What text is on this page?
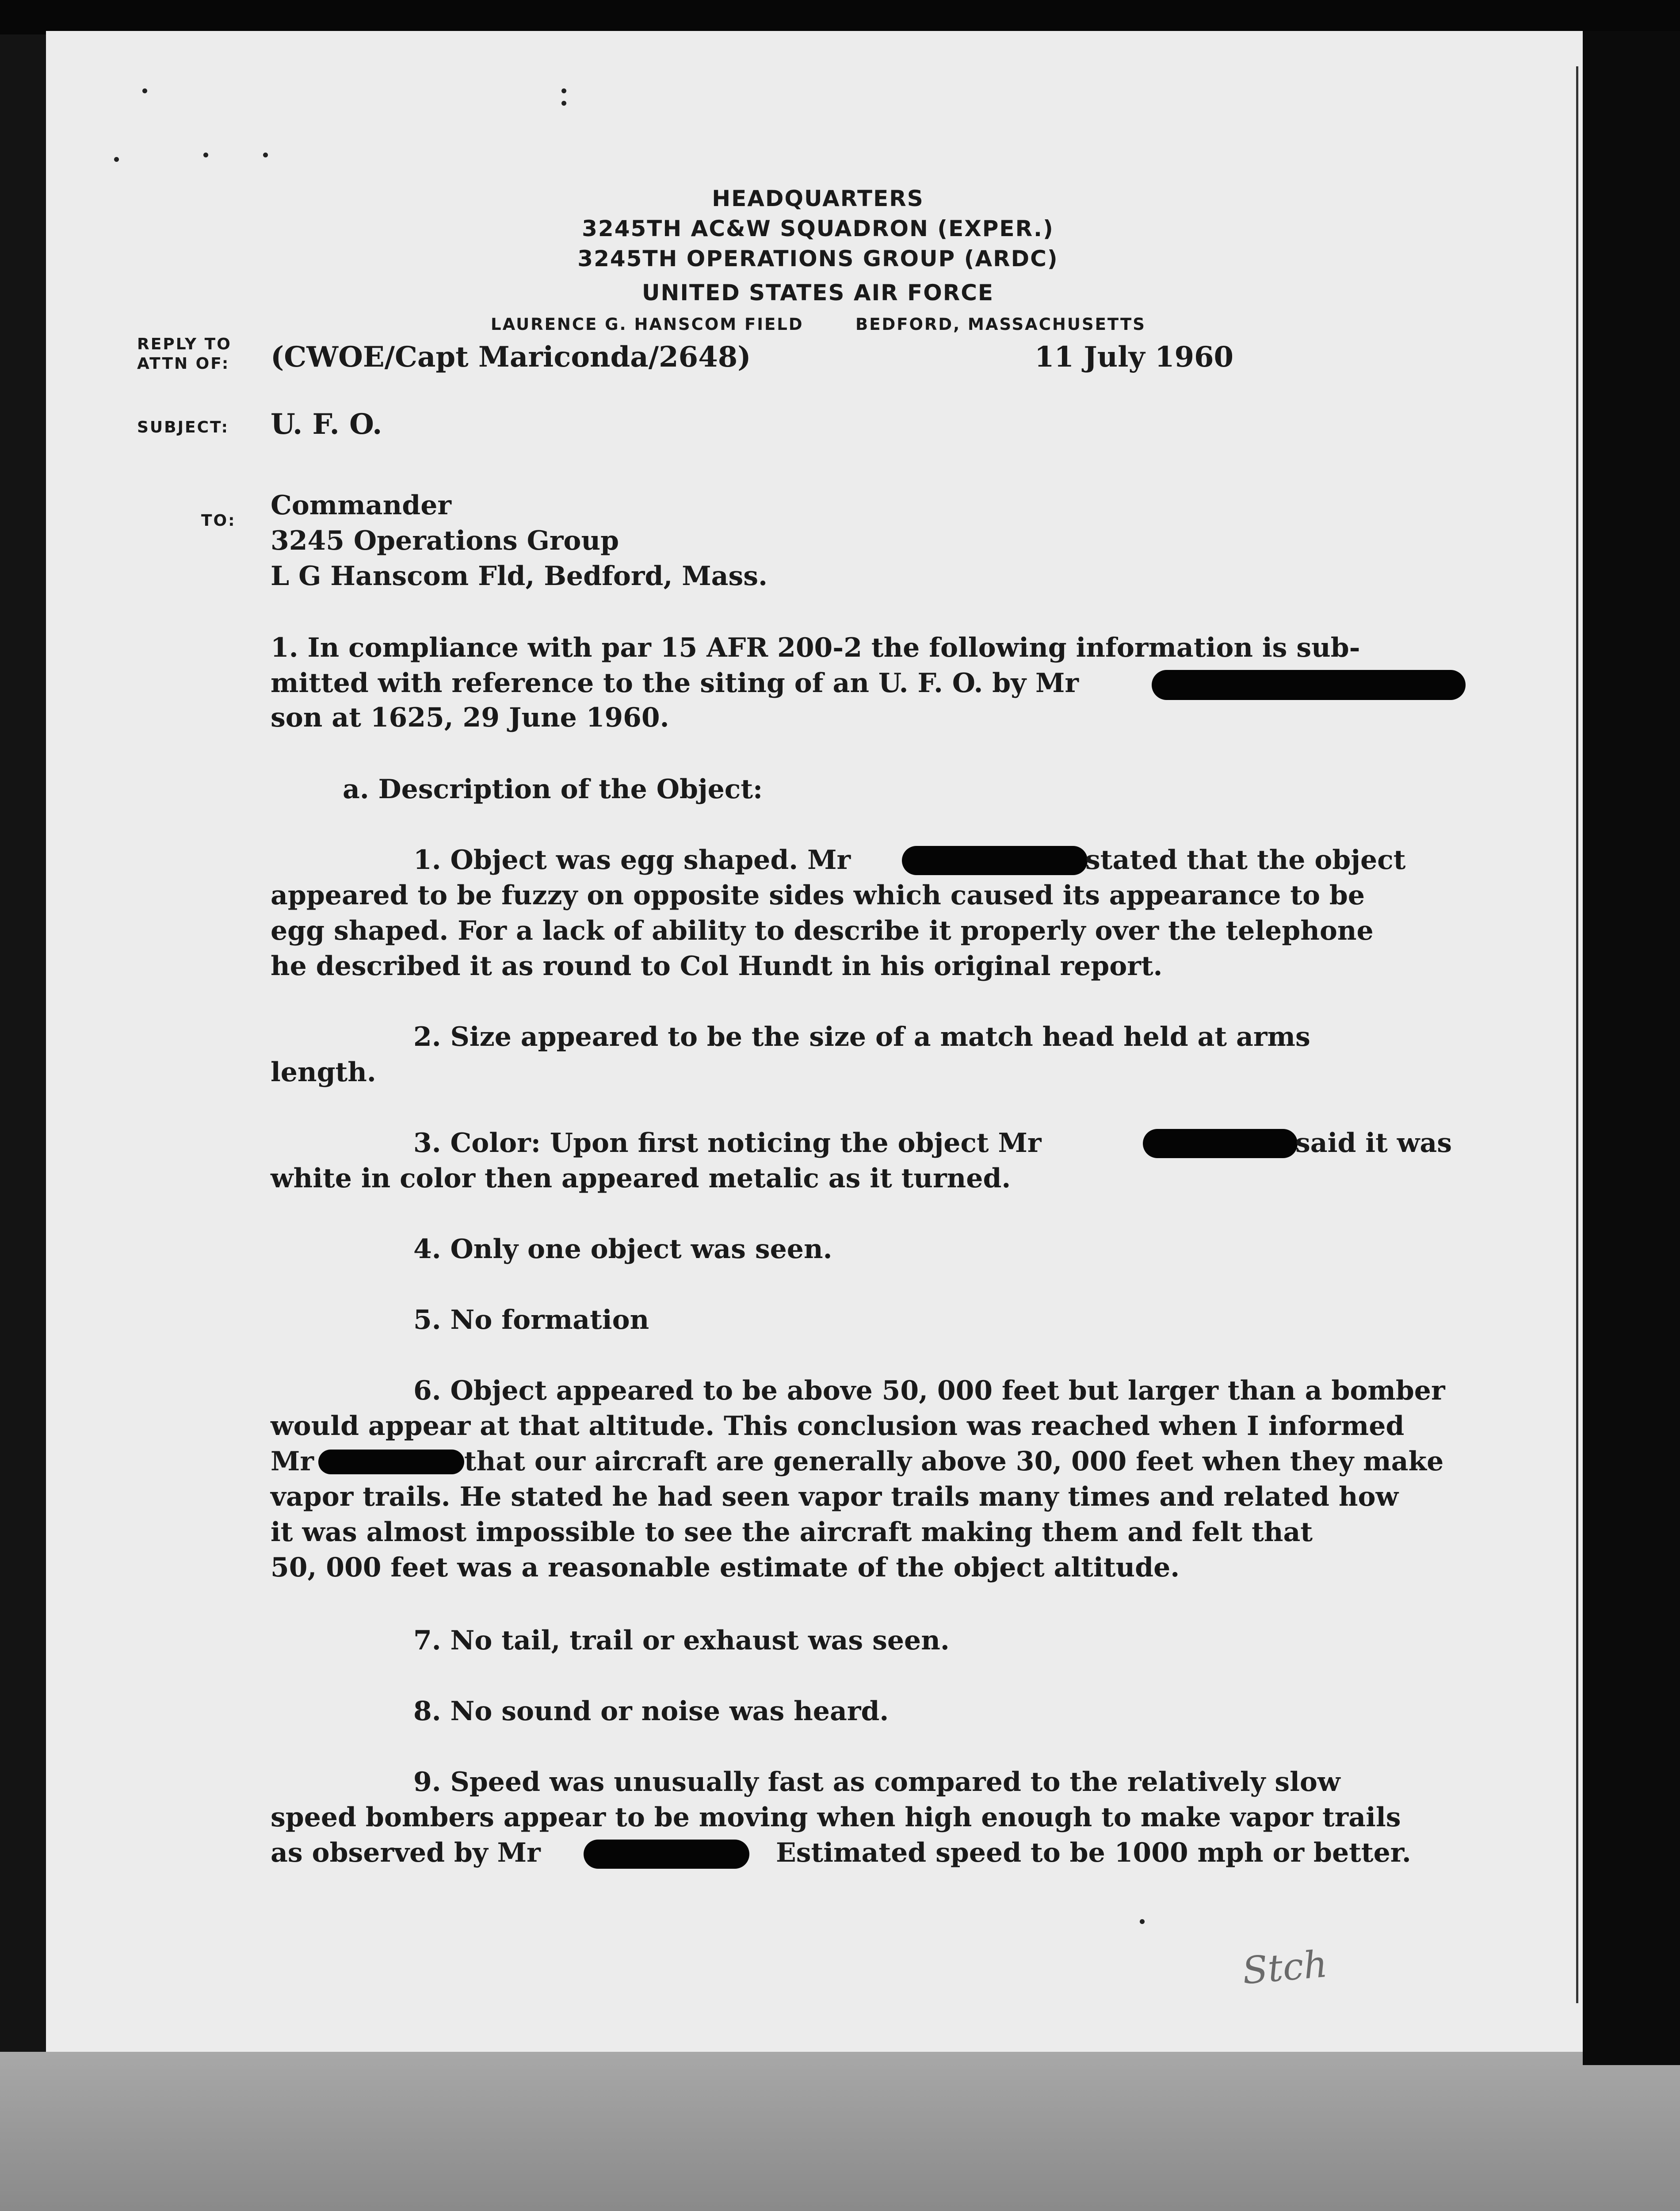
HEADQUARTERS
3245TH AC&W SQUADRON (EXPER.)
3245TH OPERATIONS GROUP (ARDC)
UNITED STATES AIR FORCE
LAURENCE G. HANSCOM FIELD	BEDFORD, MASSACHUSETTS
REPLY TO
ATTN OF: (CWOE/Capt Mariconda/2648)	11 July 1960
SUBJECT: U. F. O.
TO: Commander
3245 Operations Group
L G Hanscom Fld, Bedford, Mass.
1. In compliance with par 15 AFR 200-2 the following information is sub-
mitted with reference to the siting of an U. F. O. by Mr
son at 1625, 29 June 1960.
a. Description of the Object:
1. Object was egg shaped. Mr	stated that the object
appeared to be fuzzy on opposite sides which caused its appearance to be
egg shaped. For a lack of ability to describe it properly over the telephone
he described it as round to Col Hundt in his original report.
2. Size appeared to be the size of a match head held at arms
length.
3. Color: Upon first noticing the object Mr	said it was
white in color then appeared metalic as it turned.
4. Only one object was seen.
5. No formation
6. Object appeared to be above 50, 000 feet but larger than a bomber
would appear at that altitude. This conclusion was reached when I informed
Mr	that our aircraft are generally above 30, 000 feet when they make
vapor trails. He stated he had seen vapor trails many times and related how
it was almost impossible to see the aircraft making them and felt that
50, 000 feet was a reasonable estimate of the object altitude.
7. No tail, trail or exhaust was seen.
8. No sound or noise was heard.
9. Speed was unusually fast as compared to the relatively slow
speed bombers appear to be moving when high enough to make vapor trails
as observed by Mr	Estimated speed to be 1000 mph or better.
Stch
